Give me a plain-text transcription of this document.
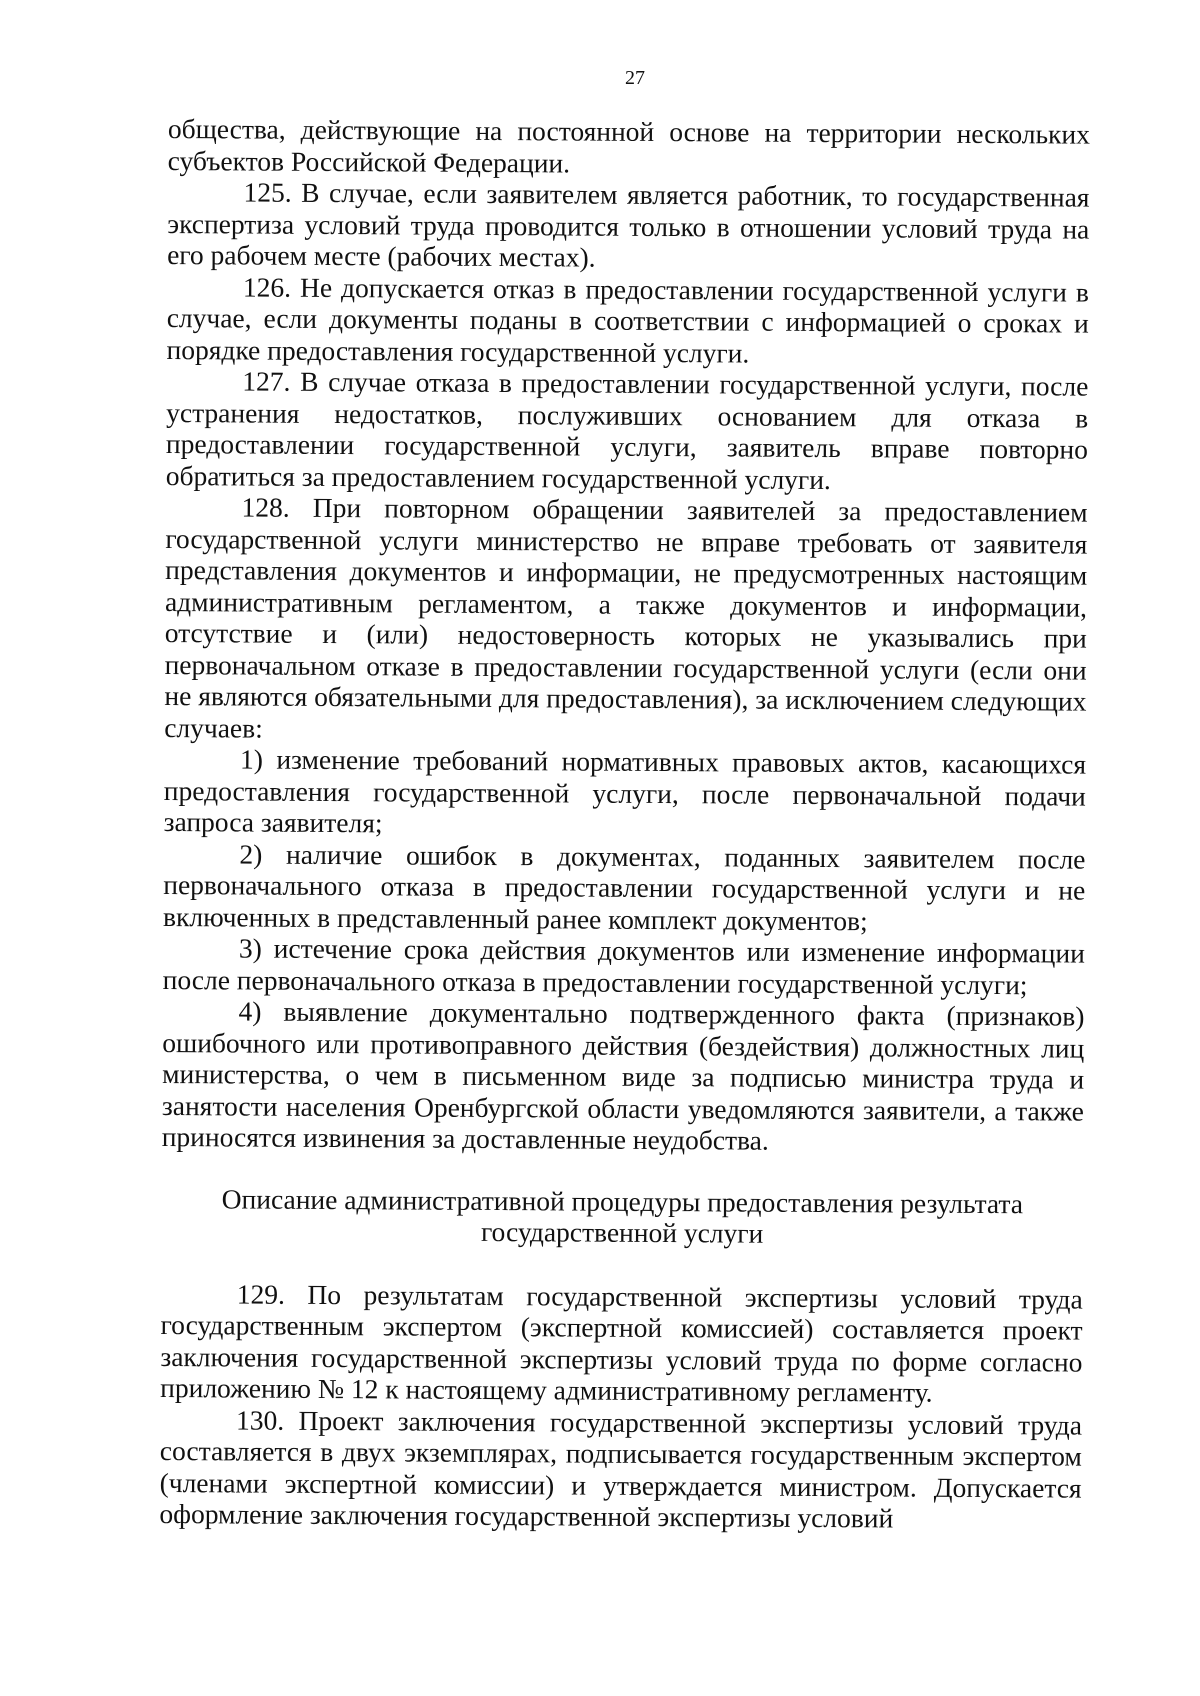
27

общества, действующие на постоянной основе на территории нескольких субъектов Российской Федерации.

125. В случае, если заявителем является работник, то государственная экспертиза условий труда проводится только в отношении условий труда на его рабочем месте (рабочих местах).

126. Не допускается отказ в предоставлении государственной услуги в случае, если документы поданы в соответствии с информацией о сроках и порядке предоставления государственной услуги.

127. В случае отказа в предоставлении государственной услуги, после устранения недостатков, послуживших основанием для отказа в предоставлении государственной услуги, заявитель вправе повторно обратиться за предоставлением государственной услуги.

128. При повторном обращении заявителей за предоставлением государственной услуги министерство не вправе требовать от заявителя представления документов и информации, не предусмотренных настоящим административным регламентом, а также документов и информации, отсутствие и (или) недостоверность которых не указывались при первоначальном отказе в предоставлении государственной услуги (если они не являются обязательными для предоставления), за исключением следующих случаев:

1) изменение требований нормативных правовых актов, касающихся предоставления государственной услуги, после первоначальной подачи запроса заявителя;

2) наличие ошибок в документах, поданных заявителем после первоначального отказа в предоставлении государственной услуги и не включенных в представленный ранее комплект документов;

3) истечение срока действия документов или изменение информации после первоначального отказа в предоставлении государственной услуги;

4) выявление документально подтвержденного факта (признаков) ошибочного или противоправного действия (бездействия) должностных лиц министерства, о чем в письменном виде за подписью министра труда и занятости населения Оренбургской области уведомляются заявители, а также приносятся извинения за доставленные неудобства.

Описание административной процедуры предоставления результата государственной услуги

129. По результатам государственной экспертизы условий труда государственным экспертом (экспертной комиссией) составляется проект заключения государственной экспертизы условий труда по форме согласно приложению № 12 к настоящему административному регламенту.

130. Проект заключения государственной экспертизы условий труда составляется в двух экземплярах, подписывается государственным экспертом (членами экспертной комиссии) и утверждается министром. Допускается оформление заключения государственной экспертизы условий
